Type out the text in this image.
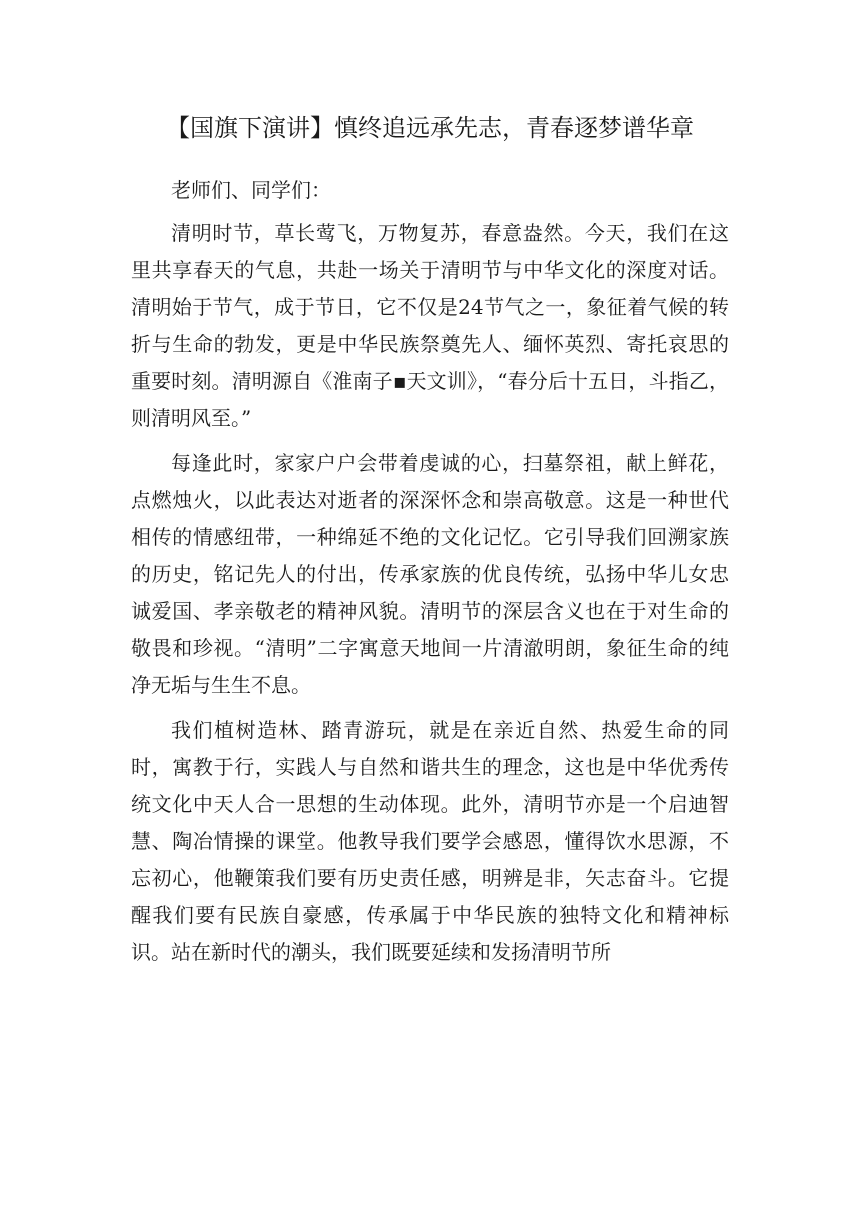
【国旗下演讲】慎终追远承先志，青春逐梦谱华章

老师们、同学们：

清明时节，草长莺飞，万物复苏，春意盎然。今天，我们在这里共享春天的气息，共赴一场关于清明节与中华文化的深度对话。清明始于节气，成于节日，它不仅是24节气之一，象征着气候的转折与生命的勃发，更是中华民族祭奠先人、缅怀英烈、寄托哀思的重要时刻。清明源自《淮南子▪天文训》，“春分后十五日，斗指乙，则清明风至。”

每逢此时，家家户户会带着虔诚的心，扫墓祭祖，献上鲜花，点燃烛火，以此表达对逝者的深深怀念和崇高敬意。这是一种世代相传的情感纽带，一种绵延不绝的文化记忆。它引导我们回溯家族的历史，铭记先人的付出，传承家族的优良传统，弘扬中华儿女忠诚爱国、孝亲敬老的精神风貌。清明节的深层含义也在于对生命的敬畏和珍视。“清明”二字寓意天地间一片清澈明朗，象征生命的纯净无垢与生生不息。

我们植树造林、踏青游玩，就是在亲近自然、热爱生命的同时，寓教于行，实践人与自然和谐共生的理念，这也是中华优秀传统文化中天人合一思想的生动体现。此外，清明节亦是一个启迪智慧、陶冶情操的课堂。他教导我们要学会感恩，懂得饮水思源，不忘初心，他鞭策我们要有历史责任感，明辨是非，矢志奋斗。它提醒我们要有民族自豪感，传承属于中华民族的独特文化和精神标识。站在新时代的潮头，我们既要延续和发扬清明节所
